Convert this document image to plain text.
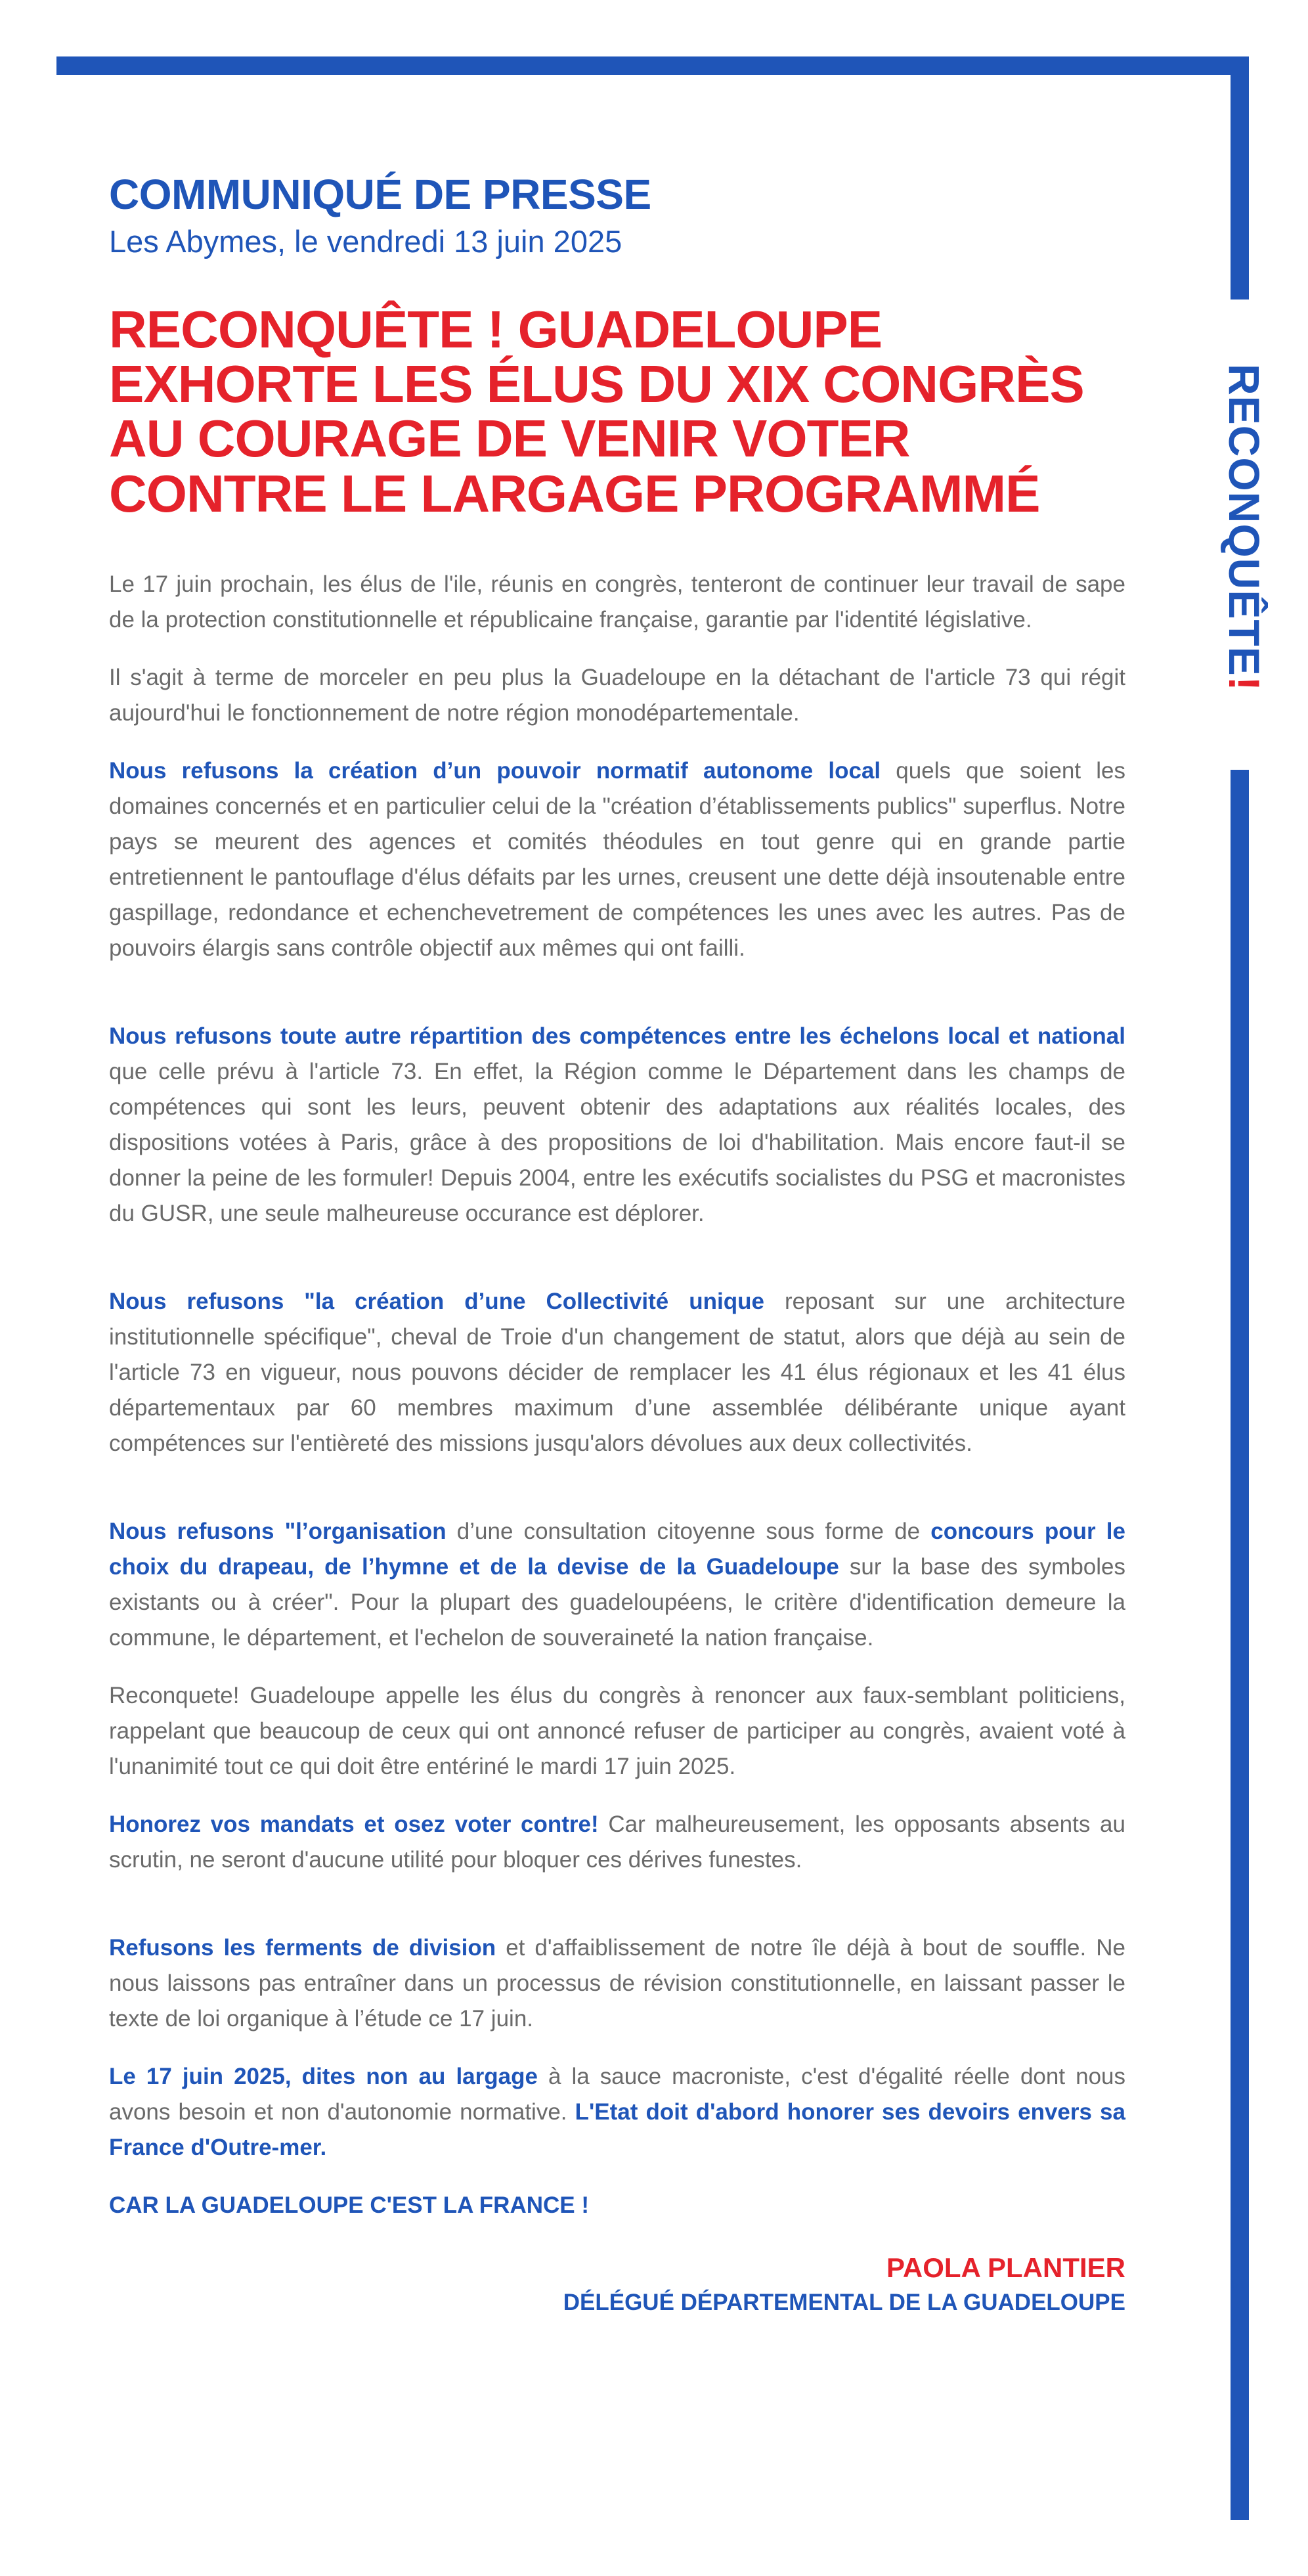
RECONQUÊTE!
COMMUNIQUÉ DE PRESSE
Les Abymes, le vendredi 13 juin 2025
RECONQUÊTE ! GUADELOUPE
EXHORTE LES ÉLUS DU XIX CONGRÈS
AU COURAGE DE VENIR VOTER
CONTRE LE LARGAGE PROGRAMMÉ

Le 17 juin prochain, les élus de l'ile, réunis en congrès, tenteront de continuer leur travail de sape de la protection constitutionnelle et républicaine française, garantie par l'identité législative.

Il s'agit à terme de morceler en peu plus la Guadeloupe en la détachant de l'article 73 qui régit aujourd'hui le fonctionnement de notre région monodépartementale.

Nous refusons la création d’un pouvoir normatif autonome local quels que soient les domaines concernés et en particulier celui de la "création d’établissements publics" superflus. Notre pays se meurent des agences et comités théodules en tout genre qui en grande partie entretiennent le pantouflage d'élus défaits par les urnes, creusent une dette déjà insoutenable entre gaspillage, redondance et echenchevetrement de compétences les unes avec les autres. Pas de pouvoirs élargis sans contrôle objectif aux mêmes qui ont failli.

Nous refusons toute autre répartition des compétences entre les échelons local et national que celle prévu à l'article 73. En effet, la Région comme le Département dans les champs de compétences qui sont les leurs, peuvent obtenir des adaptations aux réalités locales, des dispositions votées à Paris, grâce à des propositions de loi d'habilitation. Mais encore faut-il se donner la peine de les formuler! Depuis 2004, entre les exécutifs socialistes du PSG et macronistes du GUSR, une seule malheureuse occurance est déplorer.

Nous refusons "la création d’une Collectivité unique reposant sur une architecture institutionnelle spécifique", cheval de Troie d'un changement de statut, alors que déjà au sein de l'article 73 en vigueur, nous pouvons décider de remplacer les 41 élus régionaux et les 41 élus départementaux par 60 membres maximum d’une assemblée délibérante unique ayant compétences sur l'entièreté des missions jusqu'alors dévolues aux deux collectivités.

Nous refusons "l’organisation d’une consultation citoyenne sous forme de concours pour le choix du drapeau, de l’hymne et de la devise de la Guadeloupe sur la base des symboles existants ou à créer". Pour la plupart des guadeloupéens, le critère d'identification demeure la commune, le département, et l'echelon de souveraineté la nation française.

Reconquete! Guadeloupe appelle les élus du congrès à renoncer aux faux-semblant politiciens, rappelant que beaucoup de ceux qui ont annoncé refuser de participer au congrès, avaient voté à l'unanimité tout ce qui doit être entériné le mardi 17 juin 2025.

Honorez vos mandats et osez voter contre! Car malheureusement, les opposants absents au scrutin, ne seront d'aucune utilité pour bloquer ces dérives funestes.

Refusons les ferments de division et d'affaiblissement de notre île déjà à bout de souffle. Ne nous laissons pas entraîner dans un processus de révision constitutionnelle, en laissant passer le texte de loi organique à l’étude ce 17 juin.

Le 17 juin 2025, dites non au largage à la sauce macroniste, c'est d'égalité réelle dont nous avons besoin et non d'autonomie normative. L'Etat doit d'abord honorer ses devoirs envers sa France d'Outre-mer.

CAR LA GUADELOUPE C'EST LA FRANCE !

PAOLA PLANTIER
DÉLÉGUÉ DÉPARTEMENTAL DE LA GUADELOUPE
